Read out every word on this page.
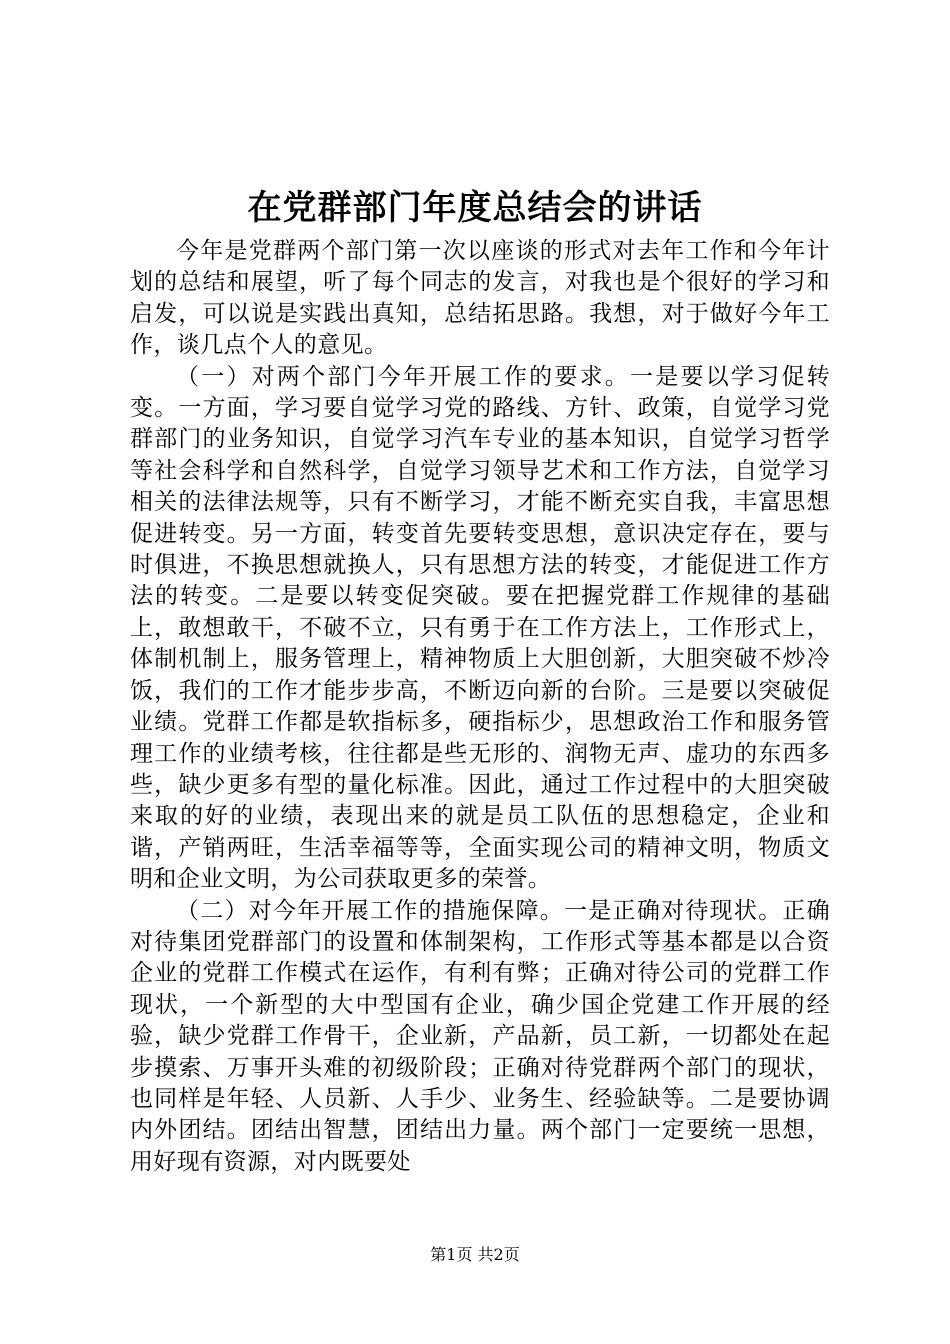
在党群部门年度总结会的讲话

今年是党群两个部门第一次以座谈的形式对去年工作和今年计划的总结和展望，听了每个同志的发言，对我也是个很好的学习和启发，可以说是实践出真知，总结拓思路。我想，对于做好今年工作，谈几点个人的意见。

（一）对两个部门今年开展工作的要求。一是要以学习促转变。一方面，学习要自觉学习党的路线、方针、政策，自觉学习党群部门的业务知识，自觉学习汽车专业的基本知识，自觉学习哲学等社会科学和自然科学，自觉学习领导艺术和工作方法，自觉学习相关的法律法规等，只有不断学习，才能不断充实自我，丰富思想促进转变。另一方面，转变首先要转变思想，意识决定存在，要与时俱进，不换思想就换人，只有思想方法的转变，才能促进工作方法的转变。二是要以转变促突破。要在把握党群工作规律的基础上，敢想敢干，不破不立，只有勇于在工作方法上，工作形式上，体制机制上，服务管理上，精神物质上大胆创新，大胆突破不炒冷饭，我们的工作才能步步高，不断迈向新的台阶。三是要以突破促业绩。党群工作都是软指标多，硬指标少，思想政治工作和服务管理工作的业绩考核，往往都是些无形的、润物无声、虚功的东西多些，缺少更多有型的量化标准。因此，通过工作过程中的大胆突破来取的好的业绩，表现出来的就是员工队伍的思想稳定，企业和谐，产销两旺，生活幸福等等，全面实现公司的精神文明，物质文明和企业文明，为公司获取更多的荣誉。

（二）对今年开展工作的措施保障。一是正确对待现状。正确对待集团党群部门的设置和体制架构，工作形式等基本都是以合资企业的党群工作模式在运作，有利有弊；正确对待公司的党群工作现状，一个新型的大中型国有企业，确少国企党建工作开展的经验，缺少党群工作骨干，企业新，产品新，员工新，一切都处在起步摸索、万事开头难的初级阶段；正确对待党群两个部门的现状，也同样是年轻、人员新、人手少、业务生、经验缺等。二是要协调内外团结。团结出智慧，团结出力量。两个部门一定要统一思想，用好现有资源，对内既要处

第1页 共2页
